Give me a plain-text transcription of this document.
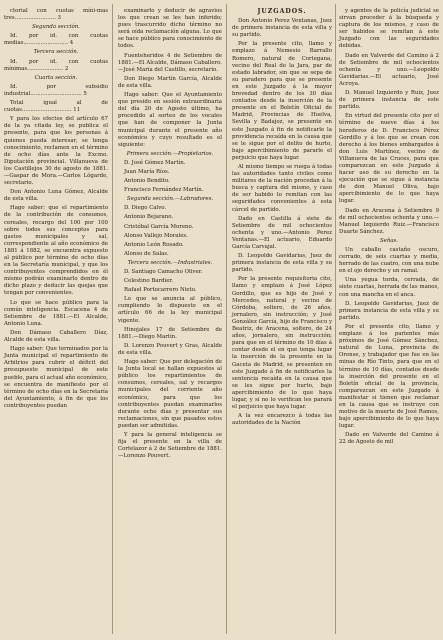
ctorial con cuotas míni-mas tres........................ 3

Segunda sección.

Id. por id. con cuotas medias.......................... 4

Tercera sección.

Id. por id. con cuotas mínimas..................... 2

Cuarta sección.

Id. por subsidio industrial.............................. 5

Total igual al de cuotas............................. 11

Y para los efectos del artículo 67 de la ya citada ley, se publica el presente, para que los personas á quienes pueda interesar, se tenga conocimiento, reclamen en el término de ocho días ante la Excmo. Diputación provincial. Villanueva de los Castillejos 30 de agosto de 1881.—Gaspar de Mora.—Carlos Lógarde, secretario.

Don Antonio Luna Gómez, Alcalde de esta villa.

Hago saber: que el repartimiento de la contribución de consumos, cereales, recargo del 100 por 100 sobre todos sus conceptos para gastos municipales y sal, correspondiente al año económico de 1881 á 1882, se encuentra expuesto al público por término de ocho días en la Secretaría municipal, y que los contribuyentes comprendidos en él mismo podrán examinarlo dentro de dicho plazo y deducir las quejas que tengan por convenientes.

Lo que se hace público para la común inteligencia. Escacena 4 de Setiembre de 1881.—El Alcalde, Antonio Luna.

Don Dámaso Caballero Díaz, Alcalde de esta villa.

Hago saber: Que terminados por la Junta municipal el repartimiento de Arbitrios para cubrir el déficit del presupuesto municipal de este pueblo, para el actual año económico, se encuentra de manifiesto por el término de ocho días en la Secretaría del Ayuntamiento, á fin de que los contribuyentes puedan

examinarlo y deducir de agravios los que crean se les han inferido; pues trascurrido dicho término no será oída reclamación alguna. Lo que se hace público para conocimiento de todos.

Fuenteheridos 4 de Setiembre de 1881.—El Alcalde, Dámaso Caballero.—José María del Castillo, secretario.

Don Diego Martín García, Alcalde de esta villa.

Hago saber: Que el Ayuntamiento que presido en sesión extraordinaria del día 20 de Agosto último, ha procedido al sorteo de los vocales que han de componer la Junta municipal durante el presente año económico y cuyo resultado es el siguiente:

Primera sección.—Propietarios.

D. José Gómez Martín.

Juan María Ríos.

Antonio Bendito.

Francisco Fernández Martín.

Segunda sección.—Labradores.

D. Diego Calvo.

Antonio Bejarano.

Cristóbal García Moreno.

Alonso Vallejo Morales.

Antonio León Rosado.

Alonso de Salas.

Tercera sección.—Industriales.

D. Santiago Camacho Oliver.

Celestino Bardier.

Rafael Portocarrero Nieto.

Lo que se anuncia al público, cumpliendo lo dispuesto en el artículo 66 de la ley municipal vigente.

Hinojales 17 de Setiembre de 1881.—Diego Martín.

D. Lorenzo Pouvert y Gras, Alcalde de esta villa.

Hago saber: Que por delegación de la Junta local se hallan expuestos al público los repartimientos de consumos, cereales, sal y recargos municipales del corriente año económico, para que los contribuyentes puedan examinarlos durante ocho días y presentar sus reclamaciones, sin que pasados estos puedan ser admitidas.

Y para la general inteligencia se fija el presente en la villa de Cortelazor á 2 de Setiembre de 1881.—Lorenzo Pouvert.

JUZGADOS.

Don Antonio Perez Ventanas, Juez de primera instancia de esta villa y su partido.

Por la presente cito, llamo y emplazo á Nemesio Barrallo Romero, natural de Cortegana, vecino del Real de la Jara, par de estado labrador, sin que se sepa de su paradero para que se presente en este Juzgado á la mayor brevedad dentro de los 30 días contados desde la inserción de la presente en el Boletín Oficial de Madrid, Provincias de Huelva, Sevilla y Badajoz, se presente en este Juzgado á fin de notificarle la providencia recaída en la causa que se le sigue por el delito de hurto, bajo apercibimiento de pararle el perjuicio que haya lugar.

Al mismo tiempo se ruega á todas las autoridades tanto civiles como militares de la nación procedan á la busca y captura del mismo, y caso de ser habido lo remitan con las seguridades convenientes á esta cárcel de partido.

Dado en Castilla á siete de Setiembre de mil ochocientos ochenta y uno.—Antonio Perez Ventanas.—El actuario, Eduardo García Carvajal.

D. Leopoldo Gavidarias, Juez de primera instancia de esta villa y su partido.

Por la presente requisitoria cito, llamo y emplazo á José López Gordillo, que es hijo de José y Mercedes, natural y vecino de Córdoba, soltero, de 26 años, jornalero, sin instrucción; y José González García, hijo de Francisco y Beatriz, de Aracena, soltero, de 24 años, jornalero, sin instrucción; para que en el término de 10 días á contar desde el en que tenga lugar la inserción de la presente en la Gaceta de Madrid, se presenten en este Juzgado á fin de notificarles la sentencia recaída en la causa que se les sigue por hurto, bajo apercibimiento de lo que haya lugar, y si no lo verifican les parará el perjuicio que haya lugar.

A la vez encarezco á todas las autoridades de la Nación

y agentes de la policía judicial se sirvan proceder á la búsqueda y captura de los mismos, y caso de ser habidos se remitan á este Juzgado con las seguridades debidas.

Dado en Valverde del Camino á 2 de Setiembre de mil ochocientos ochenta y uno.—Leopoldo Gavidarias.—El actuario, José Acroya.

D. Manuel Izquierdo y Ruiz, Juez de primera instancia de este partido.

En virtud del presente cito por el término de nueve días á los herederos de D. Francisco Pérez Gordillo y á los que se crean con derecho á los bienes embargados á don Luis Martínez, vecino de Villanueva de las Cruces, para que comparezcan en este Juzgado á hacer uso de su derecho en la ejecución que se sigue á instancia de don Manuel Oliva, bajo apercibimiento de lo que haya lugar.

Dado en Aracena á Setiembre 9 de mil ochocientos ochenta y uno.—Manuel Izquierdo Ruiz.—Francisco Duarte Sánchez.

Señas.

Un caballo castaño oscuro, cerrado, de seis cuartas y media, herrado de las cuatro, con una nube en el ojo derecho y un ramal.

Una yegua torda, cerrada, de siete cuartas, herrada de las manos, con una mancha en el anca.

D. Leopoldo Gavidarias, Juez de primera instancia de esta villa y su partido.

Por el presente cito, llamo y emplazo á los parientes más próximos de José Gómez Sánchez, natural de Luna, provincia de Orense, y trabajador que fue en las minas de Río Tinto, para que en el término de 10 días, contados desde la inserción del presente en el Boletín oficial de la provincia, comparezcan en este Juzgado á manifestar si tienen que reclamar en la causa que se instruye con motivo de la muerte de José Ramos, bajo apercibimiento de lo que haya lugar.

Dado en Valverde del Camino á 22 de Agosto de mil
